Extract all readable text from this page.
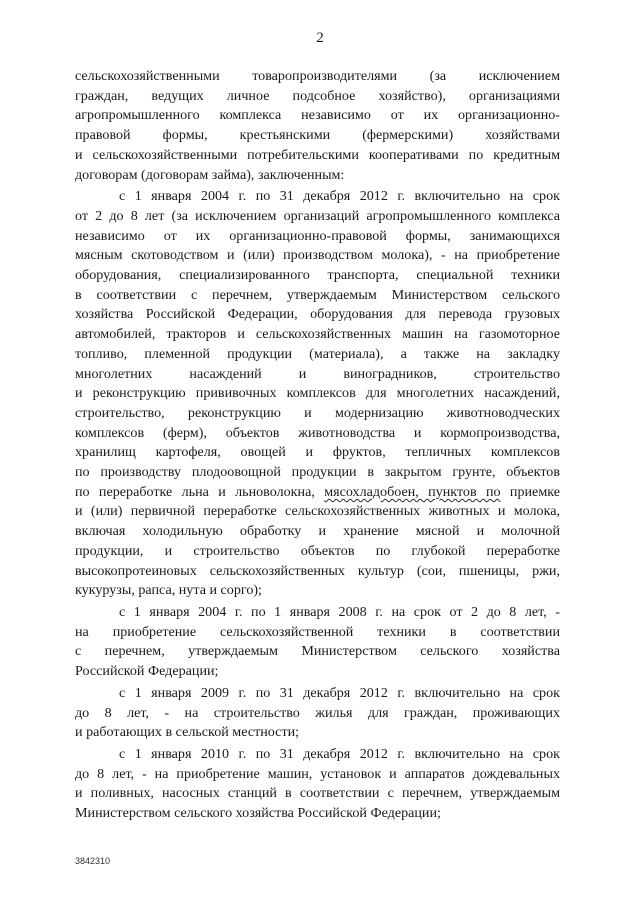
2
сельскохозяйственными товаропроизводителями (за исключением
граждан, ведущих личное подсобное хозяйство), организациями
агропромышленного комплекса независимо от их организационно-
правовой формы, крестьянскими (фермерскими) хозяйствами
и сельскохозяйственными потребительскими кооперативами по кредитным
договорам (договорам займа), заключенным:
с 1 января 2004 г. по 31 декабря 2012 г. включительно на срок
от 2 до 8 лет (за исключением организаций агропромышленного комплекса
независимо от их организационно-правовой формы, занимающихся
мясным скотоводством и (или) производством молока), - на приобретение
оборудования, специализированного транспорта, специальной техники
в соответствии с перечнем, утверждаемым Министерством сельского
хозяйства Российской Федерации, оборудования для перевода грузовых
автомобилей, тракторов и сельскохозяйственных машин на газомоторное
топливо, племенной продукции (материала), а также на закладку
многолетних насаждений и виноградников, строительство
и реконструкцию прививочных комплексов для многолетних насаждений,
строительство, реконструкцию и модернизацию животноводческих
комплексов (ферм), объектов животноводства и кормопроизводства,
хранилищ картофеля, овощей и фруктов, тепличных комплексов
по производству плодоовощной продукции в закрытом грунте, объектов
по переработке льна и льноволокна, мясохладобоен, пунктов по приемке
и (или) первичной переработке сельскохозяйственных животных и молока,
включая холодильную обработку и хранение мясной и молочной
продукции, и строительство объектов по глубокой переработке
высокопротеиновых сельскохозяйственных культур (сои, пшеницы, ржи,
кукурузы, рапса, нута и сорго);
с 1 января 2004 г. по 1 января 2008 г. на срок от 2 до 8 лет, -
на приобретение сельскохозяйственной техники в соответствии
с перечнем, утверждаемым Министерством сельского хозяйства
Российской Федерации;
с 1 января 2009 г. по 31 декабря 2012 г. включительно на срок
до 8 лет, - на строительство жилья для граждан, проживающих
и работающих в сельской местности;
с 1 января 2010 г. по 31 декабря 2012 г. включительно на срок
до 8 лет, - на приобретение машин, установок и аппаратов дождевальных
и поливных, насосных станций в соответствии с перечнем, утверждаемым
Министерством сельского хозяйства Российской Федерации;
3842310
